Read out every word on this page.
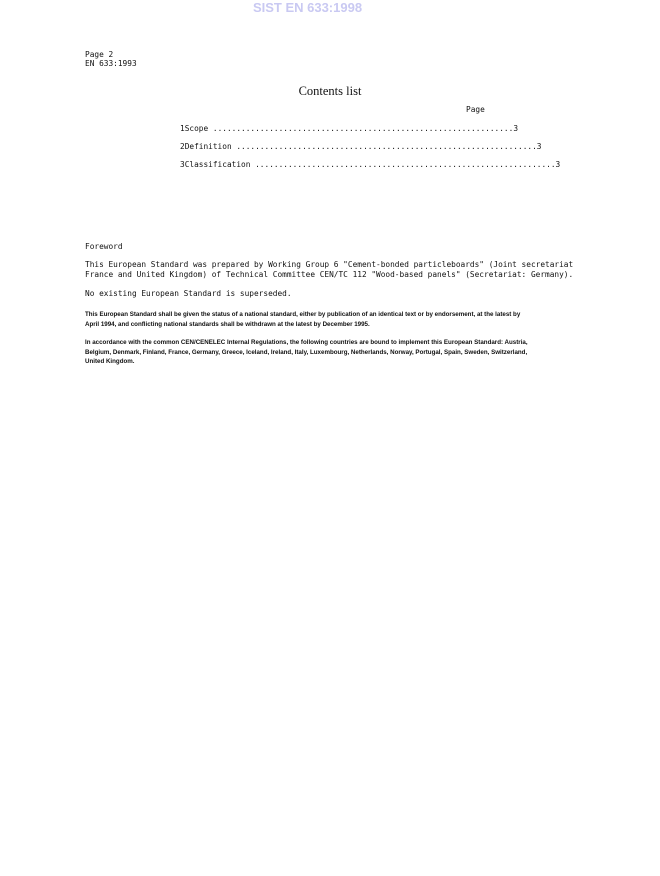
SIST EN 633:1998
Page 2
EN 633:1993
Contents list
Page
1 Scope ................................................................ 3
2 Definition ................................................................ 3
3 Classification ................................................................ 3
Foreword
This European Standard was prepared by Working Group 6 "Cement-bonded particleboards" (Joint secretariat
France and United Kingdom) of Technical Committee CEN/TC 112 "Wood-based panels" (Secretariat: Germany).
No existing European Standard is superseded.
This European Standard shall be given the status of a national standard, either by publication of an identical text or by endorsement, at the latest by
April 1994, and conflicting national standards shall be withdrawn at the latest by December 1995.
In accordance with the common CEN/CENELEC Internal Regulations, the following countries are bound to implement this European Standard: Austria,
Belgium, Denmark, Finland, France, Germany, Greece, Iceland, Ireland, Italy, Luxembourg, Netherlands, Norway, Portugal, Spain, Sweden, Switzerland,
United Kingdom.
